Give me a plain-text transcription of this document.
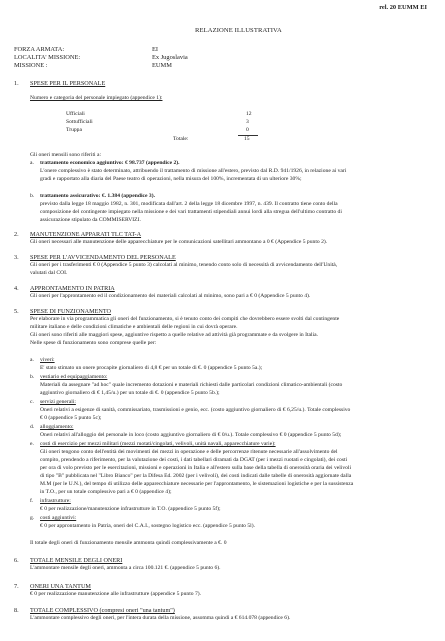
rel. 20 EUMM EI
RELAZIONE ILLUSTRATIVA
FORZA ARMATA:	EI
LOCALITA' MISSIONE:	Ex Jugoslavia
MISSIONE :	EUMM
1. SPESE PER IL PERSONALE
Numero e categoria del personale impiegato (appendice 1):
Ufficiali	12
Sottufficiali	3
Truppa	0
Totale:	15
Gli oneri mensili sono riferiti a:
a. trattamento economico aggiuntivo: € 98.737 (appendice 2).
L'onere complessivo è stato determinato, attribuendo il trattamento di missione all'estero, previsto dal R.D. 941/1926, in relazione ai vari
gradi e rapportato alla diaria del Paese teatro di operazioni, nella misura del 100%, incrementata di un ulteriore 30%;
b. trattamento assicurativo: €. 1.384 (appendice 3).
previsto dalla legge 18 maggio 1982, n. 301, modificata dall'art. 2 della legge 18 dicembre 1997, n. 439. Il contratto tiene conto della
composizione del contingente impiegato nella missione e dei vari trattamenti stipendiali annui lordi alla stregua dell'ultimo contratto di
assicurazione stipulato da COMMISERVIZI.
2. MANUTENZIONE APPARATI TLC TAT-A
Gli oneri necessari alle manutenzione delle apparecchiature per le comunicazioni satellitari ammontano a 0 € (Appendice 5 punto 2).
3. SPESE PER L'AVVICENDAMENTO DEL PERSONALE
Gli oneri per i trasferimenti € 0 (Appendice 5 punto 3) calcolati al minimo, tenendo conto solo di necessità di avvicendamento dell'Unità,
valutati dal COI.
4. APPRONTAMENTO IN PATRIA
Gli oneri per l'approntamento ed il condizionamento dei materiali calcolati al minimo, sono pari a € 0 (Appendice 5 punto 4).
5. SPESE DI FUNZIONAMENTO
Per elaborare in via programmatica gli oneri del funzionamento, si è tenuto conto dei compiti che dovrebbero essere svolti dal contingente
militare italiano e delle condizioni climatiche e ambientali delle regioni in cui dovrà operare.
Gli oneri sono riferiti alle maggiori spese, aggiuntive rispetto a quelle relative ad attività già programmate e da svolgere in Italia.
Nelle spese di funzionamento sono comprese quelle per:
a. viveri:
E' stato stimato un onere procapite giornaliero di 4,8 € per un totale di €. 0 (appendice 5 punto 5a.);
b. vestiario ed equipaggiamento:
Materiali da assegnare "ad hoc" quale incremento dotazioni e materiali richiesti dalle particolari condizioni climatico-ambientali (costo
aggiuntivo giornaliero di € 1,45/u.) per un totale di €. 0 (appendice 5 punto 5b.);
c. servizi generali:
Oneri relativi a esigenze di sanità, commissariato, trasmissioni e genio, ecc. (costo aggiuntivo giornaliero di € 6,25/u.). Totale complessivo
€ 0 (appendice 5 punto 5c);
d. alloggiamento:
Oneri relativi all'alloggio del personale in loco (costo aggiuntivo giornaliero di € 0/u.). Totale complessivo € 0 (appendice 5 punto 5d);
e. costi di esercizio per mezzi militari (mezzi ruotati/cingolati, velivoli, unità navali, apparecchiature varie):
Gli oneri tengono conto dell'entità dei movimenti dei mezzi in operazione e delle percorrenze ritenute necessarie all'assolvimento del
compito, prendendo a riferimento, per la valutazione dei costi, i dati tabellari diramati da DGAT (per i mezzi ruotati e cingolati), dei costi
per ora di volo previsto per le esercitazioni, missioni e operazioni in Italia e all'estero sulla base della tabella di onerosità oraria dei velivoli
di tipo "B" pubblicata nel "Libro Bianco" per la Difesa Ed. 2002 (per i velivoli), dei costi indicati dalle tabelle di onerosità aggiornate dalla
M.M (per le U.N.), del tempo di utilizzo delle apparecchiature necessarie per l'approntamento, le sistemazioni logistiche e per la sussistenza
in T.O., per un totale complessivo pari a € 0 (appendice 4);
f. infrastrutture:
€ 0 per realizzazione/manutenzione infrastrutture in T.O. (appendice 5 punto 5f);
g. costi aggiuntivi:
€ 0 per approntamento in Patria, oneri del C.A.I., sostegno logistico ecc. (appendice 5 punto 5l).
Il totale degli oneri di funzionamento mensile ammonta quindi complessivamente a €. 0
6. TOTALE MENSILE DEGLI ONERI
L'ammontare mensile degli oneri, ammonta a circa 100.121 €. (appendice 5 punto 6).
7. ONERI UNA TANTUM
€ 0 per realizzazione manutenzione alle infrastrutture (appendice 5 punto 7).
8. TOTALE COMPLESSIVO (compresi oneri "una tantum")
L'ammontare complessivo degli oneri, per l'intera durata della missione, assomma quindi a € 614.078 (appendice 6).
